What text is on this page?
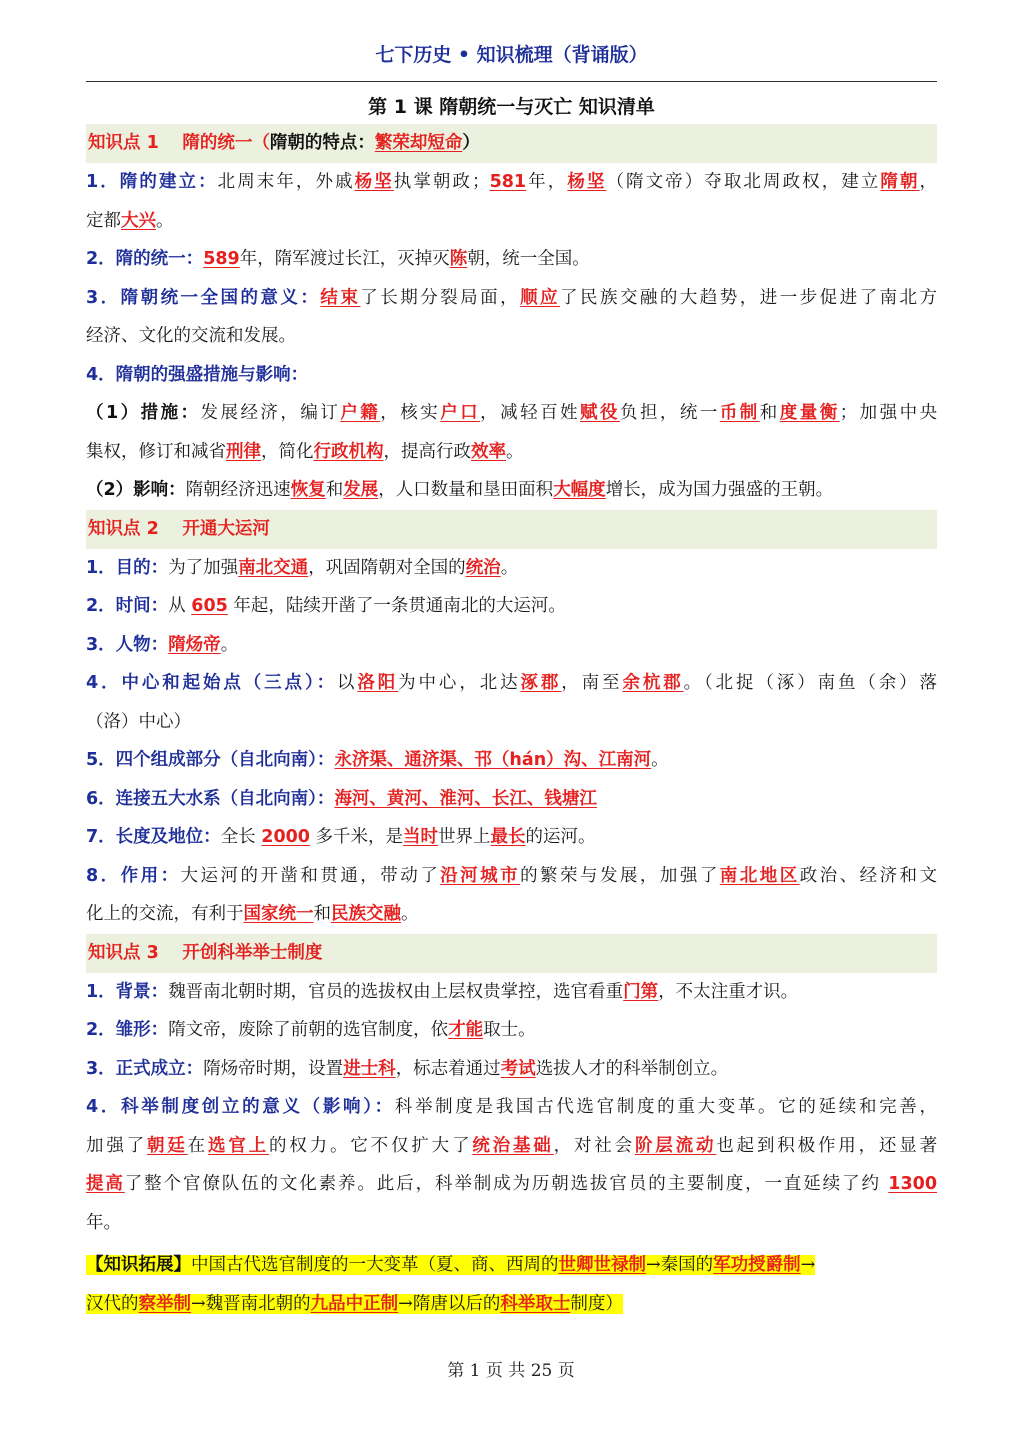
七下历史 • 知识梳理（背诵版）
第 1 课 隋朝统一与灭亡 知识清单
知识点 1　 隋的统一（隋朝的特点：繁荣却短命）
1．隋的建立：北周末年，外戚杨坚执掌朝政；581年，杨坚（隋文帝）夺取北周政权，建立隋朝，
定都大兴。
2．隋的统一：589年，隋军渡过长江，灭掉灭陈朝，统一全国。
3．隋朝统一全国的意义：结束了长期分裂局面，顺应了民族交融的大趋势，进一步促进了南北方
经济、文化的交流和发展。
4．隋朝的强盛措施与影响：
（1）措施：发展经济，编订户籍，核实户口，减轻百姓赋役负担，统一币制和度量衡；加强中央
集权，修订和减省刑律，简化行政机构，提高行政效率。
（2）影响：隋朝经济迅速恢复和发展，人口数量和垦田面积大幅度增长，成为国力强盛的王朝。
知识点 2　 开通大运河
1．目的：为了加强南北交通，巩固隋朝对全国的统治。
2．时间：从 605 年起，陆续开凿了一条贯通南北的大运河。
3．人物：隋炀帝。
4．中心和起始点（三点）：以洛阳为中心，北达涿郡，南至余杭郡。（北捉（涿）南鱼（余）落
（洛）中心）
5．四个组成部分（自北向南）：永济渠、通济渠、邗（hán）沟、江南河。
6．连接五大水系（自北向南）：海河、黄河、淮河、长江、钱塘江
7．长度及地位：全长 2000 多千米，是当时世界上最长的运河。
8．作用：大运河的开凿和贯通，带动了沿河城市的繁荣与发展，加强了南北地区政治、经济和文
化上的交流，有利于国家统一和民族交融。
知识点 3　 开创科举举士制度
1．背景：魏晋南北朝时期，官员的选拔权由上层权贵掌控，选官看重门第，不太注重才识。
2．雏形：隋文帝，废除了前朝的选官制度，依才能取士。
3．正式成立：隋炀帝时期，设置进士科，标志着通过考试选拔人才的科举制创立。
4．科举制度创立的意义（影响）：科举制度是我国古代选官制度的重大变革。它的延续和完善，
加强了朝廷在选官上的权力。它不仅扩大了统治基础，对社会阶层流动也起到积极作用，还显著
提高了整个官僚队伍的文化素养。此后，科举制成为历朝选拔官员的主要制度，一直延续了约 1300
年。
【知识拓展】中国古代选官制度的一大变革（夏、商、西周的世卿世禄制→秦国的军功授爵制→
汉代的察举制→魏晋南北朝的九品中正制→隋唐以后的科举取士制度）
第 1 页 共 25 页
